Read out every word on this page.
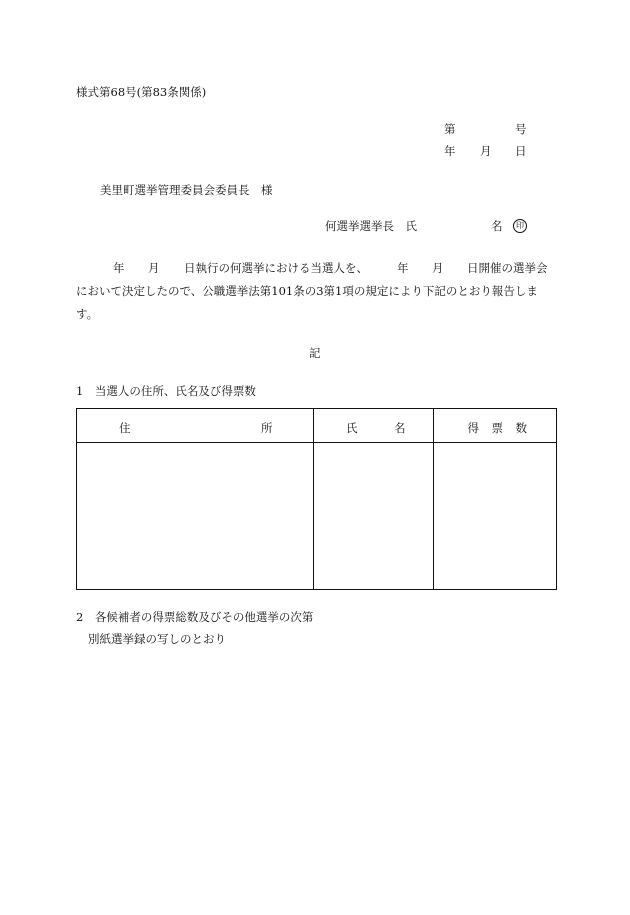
様式第68号(第83条関係)
第	号
年 月 日
美里町選挙管理委員会委員長　様
何選挙選挙長　氏	名	印
年 月 日執行の何選挙における当選人を、	年 月 日開催の選挙会
において決定したので、公職選挙法第101条の3第1項の規定により下記のとおり報告しま
す。
記
1　当選人の住所、氏名及び得票数
住 所	氏 名	得 票 数

2　各候補者の得票総数及びその他選挙の次第
別紙選挙録の写しのとおり
